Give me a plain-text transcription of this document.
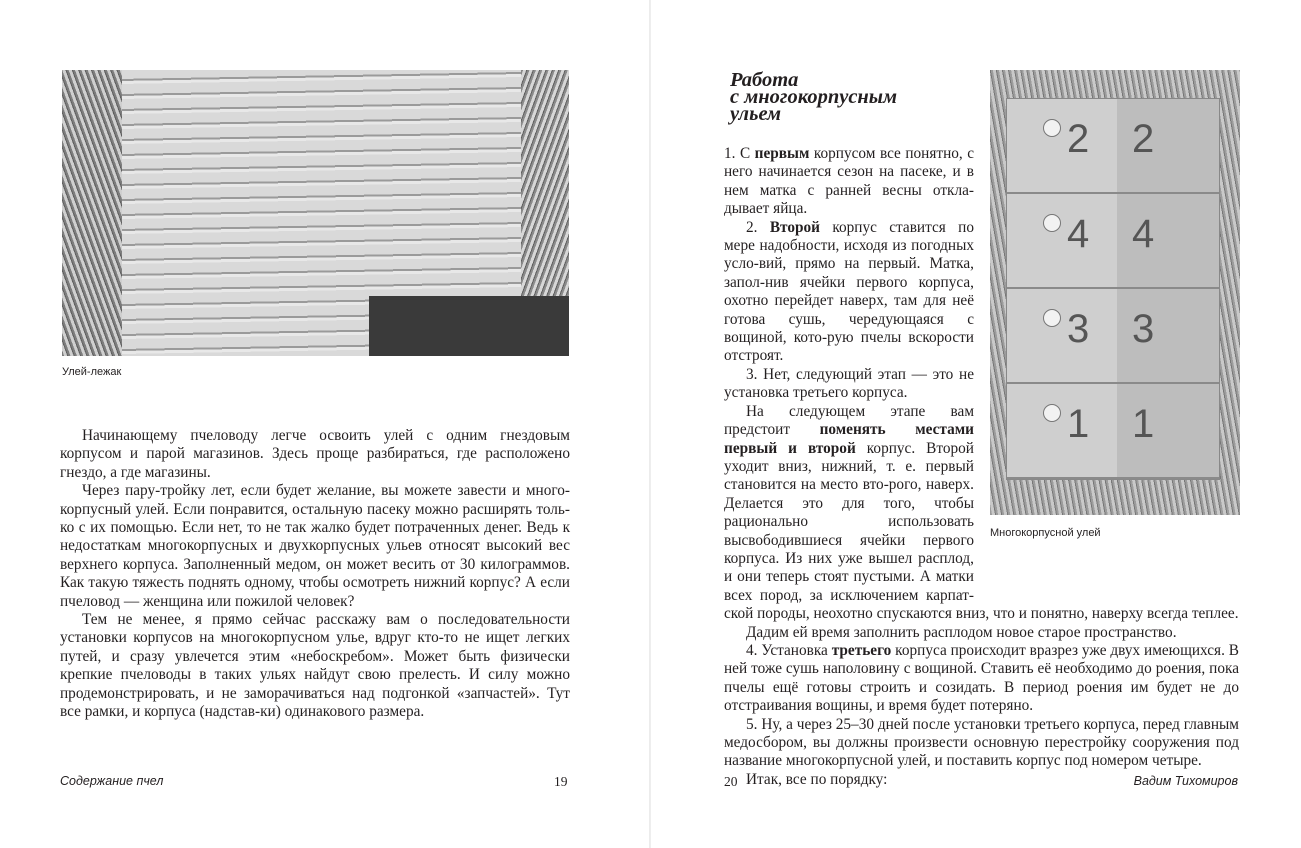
Улей-лежак

Начинающему пчеловоду легче освоить улей с одним гнездовым корпусом и парой магазинов. Здесь проще разбираться, где расположено гнездо, а где магазины.

Через пару-тройку лет, если будет желание, вы можете завести и много-корпусный улей. Если понравится, остальную пасеку можно расширять толь-ко с их помощью. Если нет, то не так жалко будет потраченных денег. Ведь к недостаткам многокорпусных и двухкорпусных ульев относят высокий вес верхнего корпуса. Заполненный медом, он может весить от 30 килограммов. Как такую тяжесть поднять одному, чтобы осмотреть нижний корпус? А если пчеловод — женщина или пожилой человек?

Тем не менее, я прямо сейчас расскажу вам о последовательности установки корпусов на многокорпусном улье, вдруг кто-то не ищет легких путей, и сразу увлечется этим «небоскребом». Может быть физически крепкие пчеловоды в таких ульях найдут свою прелесть. И силу можно продемонстрировать, и не заморачиваться над подгонкой «запчастей». Тут все рамки, и корпуса (надстав-ки) одинакового размера.

Содержание пчел	19
Работа
с многокорпусным
ульем
2 2
4 4
3 3
1 1
Многокорпусной улей

1. С первым корпусом все понятно, с него начинается сезон на пасеке, и в нем матка с ранней весны откла-дывает яйца.

2. Второй корпус ставится по мере надобности, исходя из погодных усло-вий, прямо на первый. Матка, запол-нив ячейки первого корпуса, охотно перейдет наверх, там для неё готова сушь, чередующаяся с вощиной, кото-рую пчелы вскорости отстроят.

3. Нет, следующий этап — это не установка третьего корпуса.

На следующем этапе вам предстоит поменять местами первый и второй корпус. Второй уходит вниз, нижний, т. е. первый становится на место вто-рого, наверх. Делается это для того, чтобы рационально использовать высвободившиеся ячейки первого корпуса. Из них уже вышел расплод, и они теперь стоят пустыми. А матки всех пород, за исключением карпат-ской породы, неохотно спускаются вниз, что и понятно, наверху всегда теплее.

Дадим ей время заполнить расплодом новое старое пространство.

4. Установка третьего корпуса происходит вразрез уже двух имеющихся. В ней тоже сушь наполовину с вощиной. Ставить её необходимо до роения, пока пчелы ещё готовы строить и созидать. В период роения им будет не до отстраивания вощины, и время будет потеряно.

5. Ну, а через 25–30 дней после установки третьего корпуса, перед главным медосбором, вы должны произвести основную перестройку сооружения под название многокорпусной улей, и поставить корпус под номером четыре.

Итак, все по порядку:

20	Вадим Тихомиров
